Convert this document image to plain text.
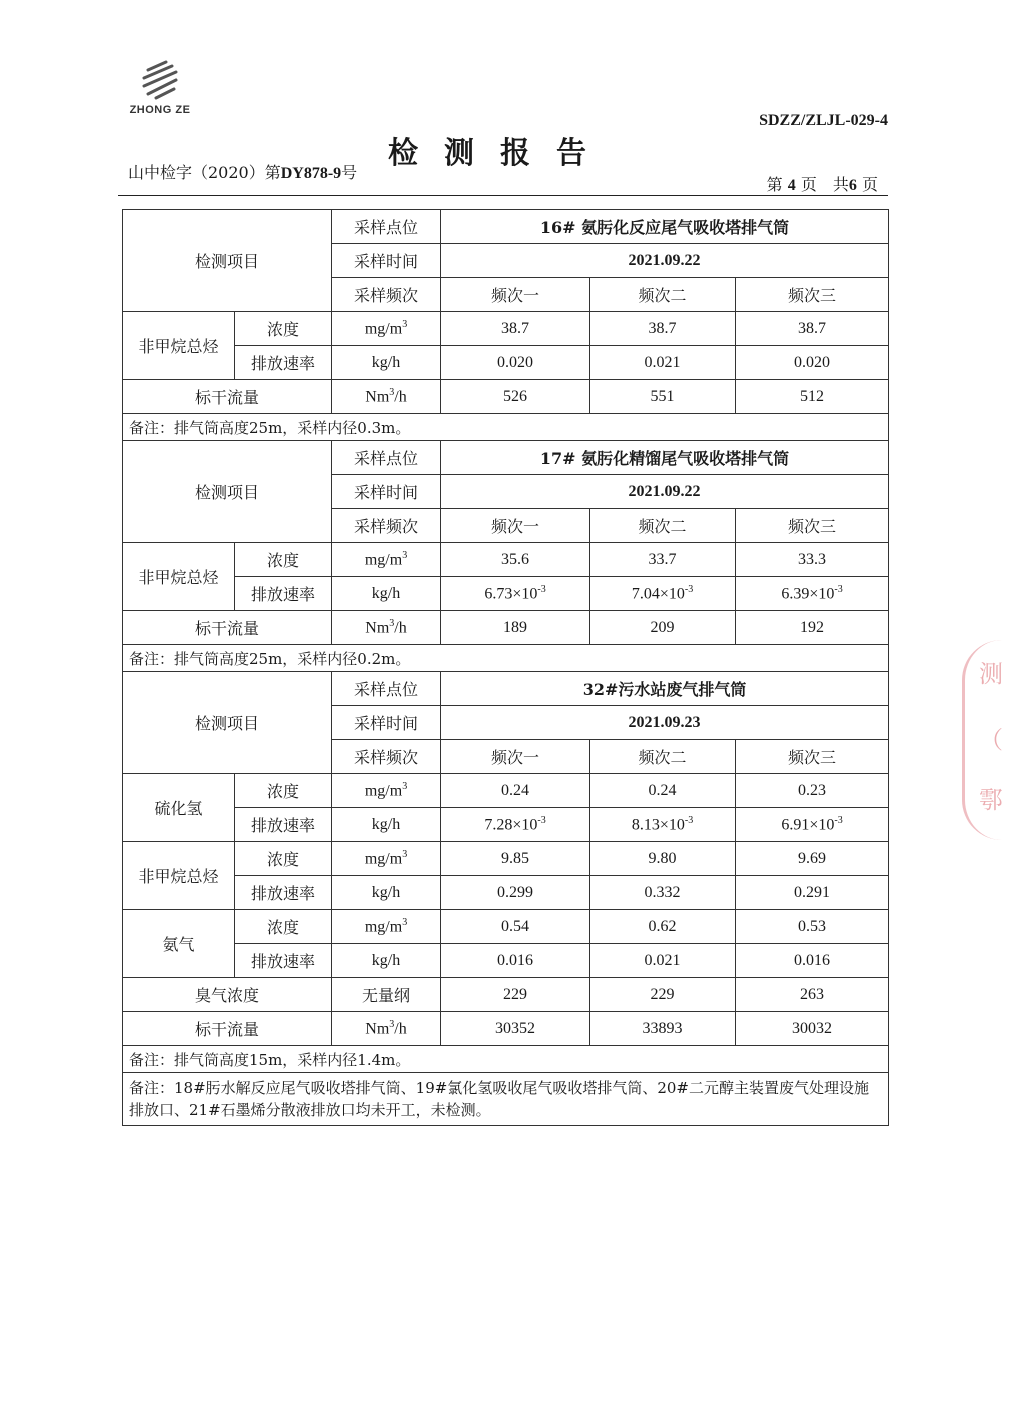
ZHONG ZE
SDZZ/ZLJL-029-4
检测报告
山中检字（2020）第DY878-9号
第 4 页　共6 页
检测项目		采样点位	16# 氨肟化反应尾气吸收塔排气筒		
		采样时间	2021.09.22		
		采样频次	频次一	频次二	频次三
非甲烷总烃	浓度	$mg/m^3$	38.7	38.7	38.7
	排放速率	kg/h	0.020	0.021	0.020
标干流量		Nm$^3$/h	526	551	512
备注：排气筒高度25m，采样内径0.3m。					
检测项目		采样点位	17# 氨肟化精馏尾气吸收塔排气筒		
		采样时间	2021.09.22		
		采样频次	频次一	频次二	频次三
非甲烷总烃	浓度	$mg/m^3$	35.6	33.7	33.3
	排放速率	kg/h	$6.73\times 10^{-3}$	$7.04\times 10^{-3}$	$6.39\times 10^{-3}$
标干流量		Nm$^3$/h	189	209	192
备注：排气筒高度25m，采样内径0.2m。					
检测项目		采样点位	32#污水站废气排气筒		
		采样时间	2021.09.23		
		采样频次	频次一	频次二	频次三
硫化氢	浓度	$mg/m^3$	0.24	0.24	0.23
	排放速率	kg/h	$7.28\times 10^{-3}$	$8.13\times 10^{-3}$	$6.91\times 10^{-3}$
非甲烷总烃	浓度	$mg/m^3$	9.85	9.80	9.69
	排放速率	kg/h	0.299	0.332	0.291
氨气	浓度	$mg/m^3$	0.54	0.62	0.53
	排放速率	kg/h	0.016	0.021	0.016
臭气浓度		无量纲	229	229	263
标干流量		Nm$^3$/h	30352	33893	30032
备注：排气筒高度15m，采样内径1.4m。					
备注：18#肟水解反应尾气吸收塔排气筒、19#氯化氢吸收尾气吸收塔排气筒、20#二元醇主装置废气处理设施排放口、21#石墨烯分散液排放口均未开工，未检测。					
测
（
鄠
